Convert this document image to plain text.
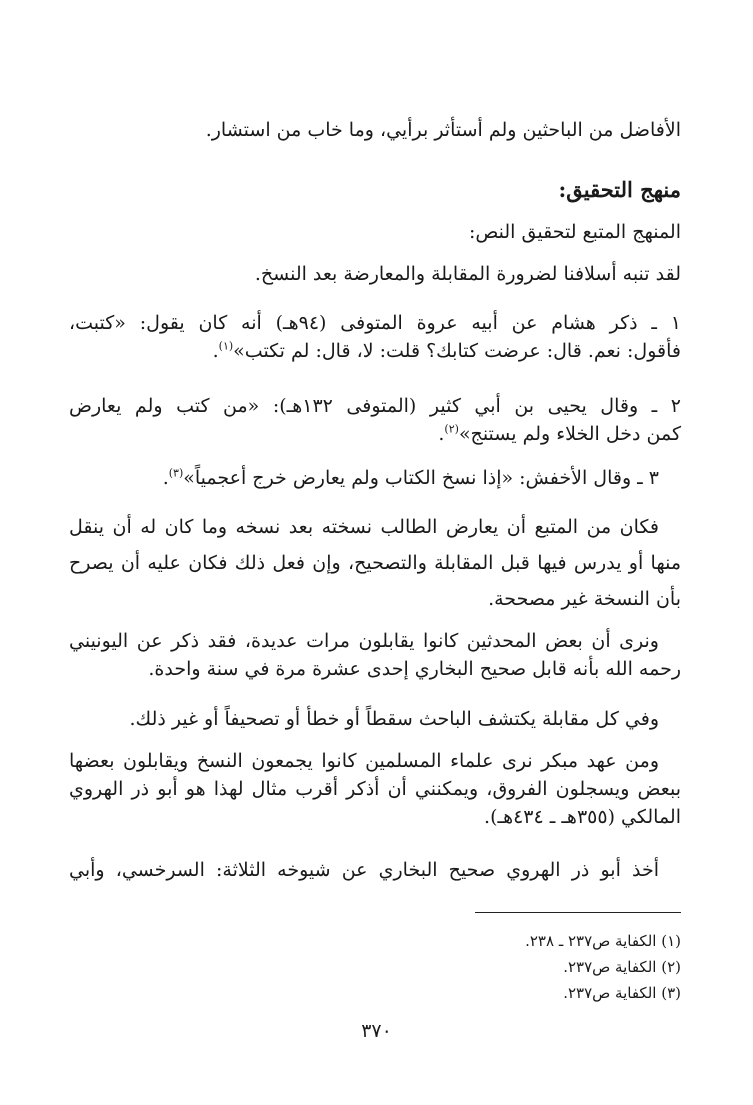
الأفاضل من الباحثين ولم أستأثر برأيي، وما خاب من استشار.
منهج التحقيق:
المنهج المتبع لتحقيق النص:
لقد تنبه أسلافنا لضرورة المقابلة والمعارضة بعد النسخ.
١ ـ ذكر هشام عن أبيه عروة المتوفى (٩٤هـ) أنه كان يقول: «كتبت،
فأقول: نعم. قال: عرضت كتابك؟ قلت: لا، قال: لم تكتب»$^{(١)}$.
٢ ـ وقال يحيى بن أبي كثير (المتوفى ١٣٢هـ): «من كتب ولم يعارض
كمن دخل الخلاء ولم يستنج»$^{(٢)}$.
٣ ـ وقال الأخفش: «إذا نسخ الكتاب ولم يعارض خرج أعجمياً»$^{(٣)}$.
فكان من المتبع أن يعارض الطالب نسخته بعد نسخه وما كان له أن ينقل
منها أو يدرس فيها قبل المقابلة والتصحيح، وإن فعل ذلك فكان عليه أن يصرح
بأن النسخة غير مصححة.
ونرى أن بعض المحدثين كانوا يقابلون مرات عديدة، فقد ذكر عن اليونيني
رحمه الله بأنه قابل صحيح البخاري إحدى عشرة مرة في سنة واحدة.
وفي كل مقابلة يكتشف الباحث سقطاً أو خطأ أو تصحيفاً أو غير ذلك.
ومن عهد مبكر نرى علماء المسلمين كانوا يجمعون النسخ ويقابلون بعضها
ببعض ويسجلون الفروق، ويمكنني أن أذكر أقرب مثال لهذا هو أبو ذر الهروي
المالكي (٣٥٥هـ ـ ٤٣٤هـ).
أخذ أبو ذر الهروي صحيح البخاري عن شيوخه الثلاثة: السرخسي، وأبي
(١) الكفاية ص٢٣٧ ـ ٢٣٨.
(٢) الكفاية ص٢٣٧.
(٣) الكفاية ص٢٣٧.
٣٧٠
